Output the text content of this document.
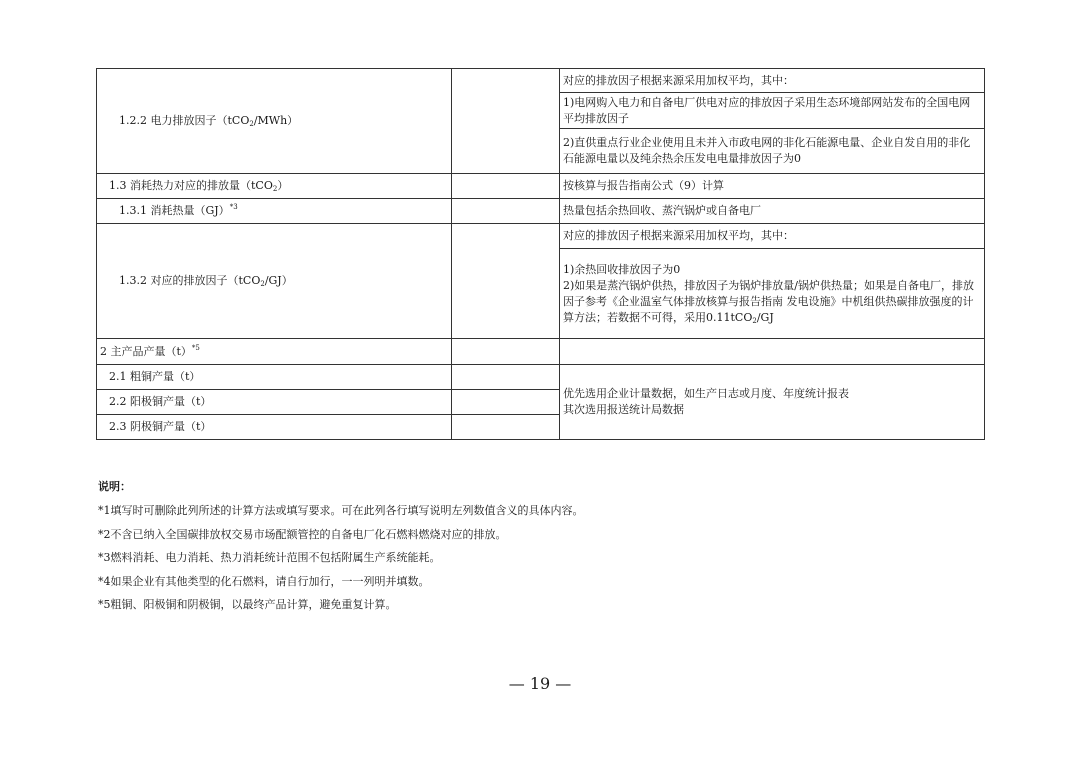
1.2.2 电力排放因子（tCO$_2$/MWh）		对应的排放因子根据来源采用加权平均，其中：
		1)电网购入电力和自备电厂供电对应的排放因子采用生态环境部网站发布的全国电网平均排放因子
		2)直供重点行业企业使用且未并入市政电网的非化石能源电量、企业自发自用的非化石能源电量以及纯余热余压发电电量排放因子为0
1.3 消耗热力对应的排放量（tCO$_2$）		按核算与报告指南公式（9）计算
1.3.1 消耗热量（GJ）$^{*3}$		热量包括余热回收、蒸汽锅炉或自备电厂
1.3.2 对应的排放因子（tCO$_2$/GJ）		对应的排放因子根据来源采用加权平均，其中：

		1)余热回收排放因子为0
2)如果是蒸汽锅炉供热，排放因子为锅炉排放量/锅炉供热量；如果是自备电厂，排放因子参考《企业温室气体排放核算与报告指南 发电设施》中机组供热碳排放强度的计算方法；若数据不可得，采用0.11tCO$_2$/GJ

2 主产品产量$(t)^{*5}$		
2.1 粗铜产量（t）		优先选用企业计量数据，如生产日志或月度、年度统计报表
其次选用报送统计局数据

2.2 阳极铜产量（t）		
2.3 阴极铜产量（t）		
说明：
*1填写时可删除此列所述的计算方法或填写要求。可在此列各行填写说明左列数值含义的具体内容。
*2不含已纳入全国碳排放权交易市场配额管控的自备电厂化石燃料燃烧对应的排放。
*3燃料消耗、电力消耗、热力消耗统计范围不包括附属生产系统能耗。
*4如果企业有其他类型的化石燃料，请自行加行，一一列明并填数。
*5粗铜、阳极铜和阴极铜，以最终产品计算，避免重复计算。
— 19 —
